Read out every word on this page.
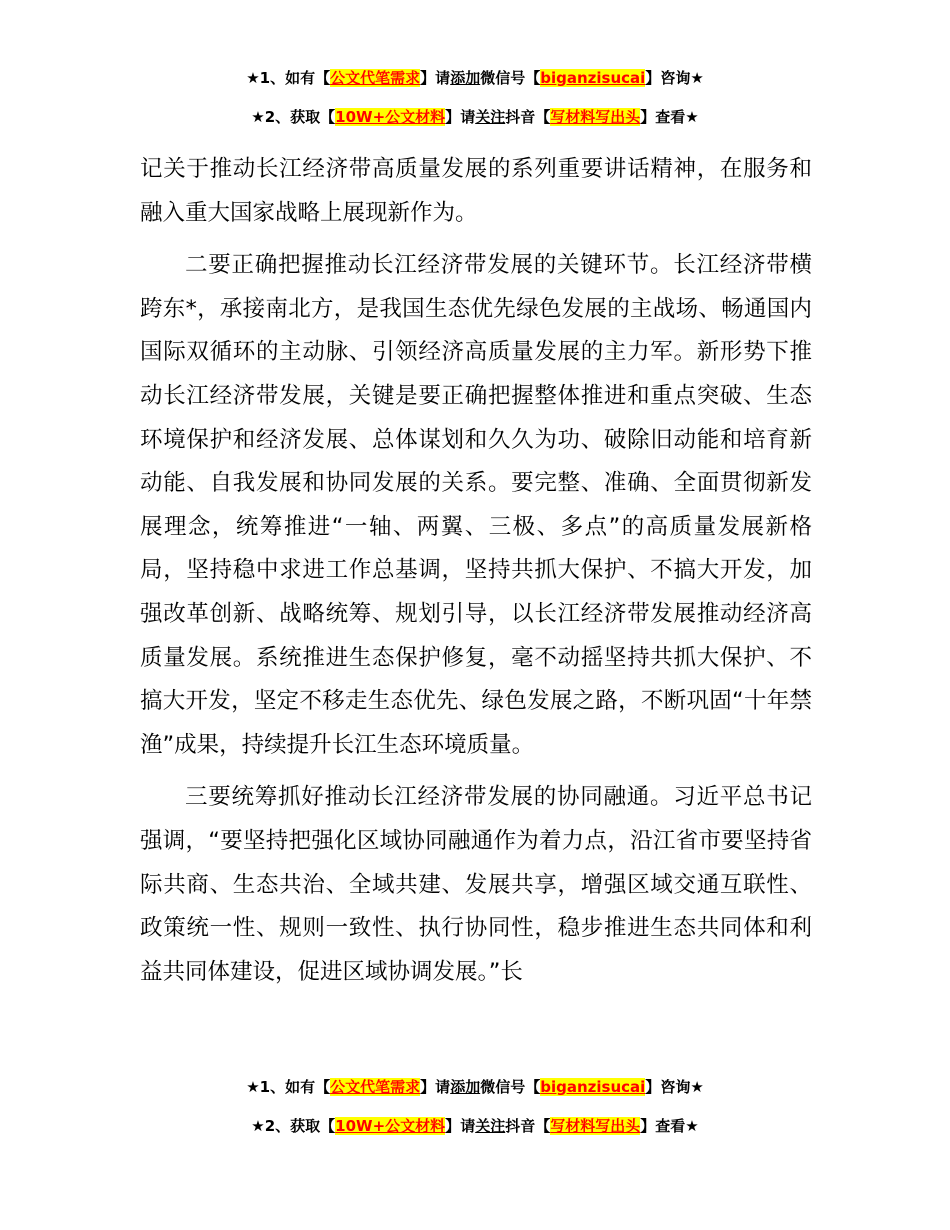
★1、如有【公文代笔需求】请添加微信号【biganzisucai】咨询★
★2、获取【10W+公文材料】请关注抖音【写材料写出头】查看★

记关于推动长江经济带高质量发展的系列重要讲话精神，在服务和融入重大国家战略上展现新作为。

二要正确把握推动长江经济带发展的关键环节。长江经济带横跨东*，承接南北方，是我国生态优先绿色发展的主战场、畅通国内国际双循环的主动脉、引领经济高质量发展的主力军。新形势下推动长江经济带发展，关键是要正确把握整体推进和重点突破、生态环境保护和经济发展、总体谋划和久久为功、破除旧动能和培育新动能、自我发展和协同发展的关系。要完整、准确、全面贯彻新发展理念，统筹推进“一轴、两翼、三极、多点”的高质量发展新格局，坚持稳中求进工作总基调，坚持共抓大保护、不搞大开发，加强改革创新、战略统筹、规划引导，以长江经济带发展推动经济高质量发展。系统推进生态保护修复，毫不动摇坚持共抓大保护、不搞大开发，坚定不移走生态优先、绿色发展之路，不断巩固“十年禁渔”成果，持续提升长江生态环境质量。

三要统筹抓好推动长江经济带发展的协同融通。习近平总书记强调，“要坚持把强化区域协同融通作为着力点，沿江省市要坚持省际共商、生态共治、全域共建、发展共享，增强区域交通互联性、政策统一性、规则一致性、执行协同性，稳步推进生态共同体和利益共同体建设，促进区域协调发展。”长

★1、如有【公文代笔需求】请添加微信号【biganzisucai】咨询★
★2、获取【10W+公文材料】请关注抖音【写材料写出头】查看★
